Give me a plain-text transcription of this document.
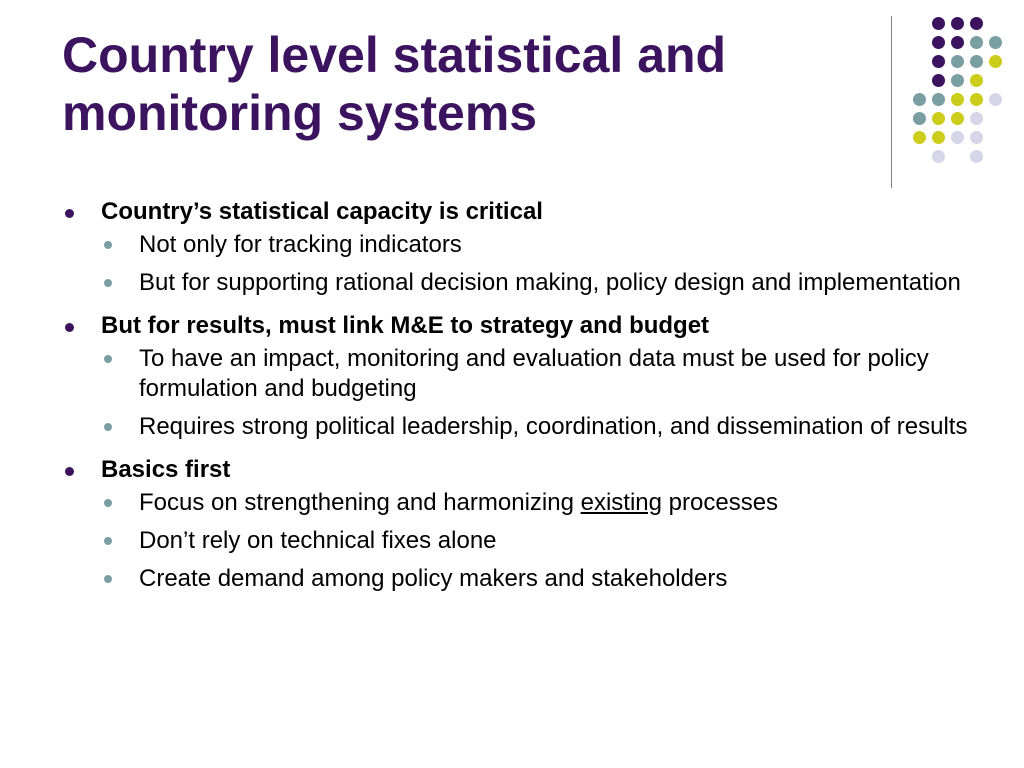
Country level statistical and
monitoring systems

Country’s statistical capacity is critical

Not only for tracking indicators
But for supporting rational decision making, policy design and implementation

But for results, must link M&E to strategy and budget

To have an impact, monitoring and evaluation data must be used for policy formulation and budgeting
Requires strong political leadership, coordination, and dissemination of results

Basics first

Focus on strengthening and harmonizing existing processes
Don’t rely on technical fixes alone
Create demand among policy makers and stakeholders
